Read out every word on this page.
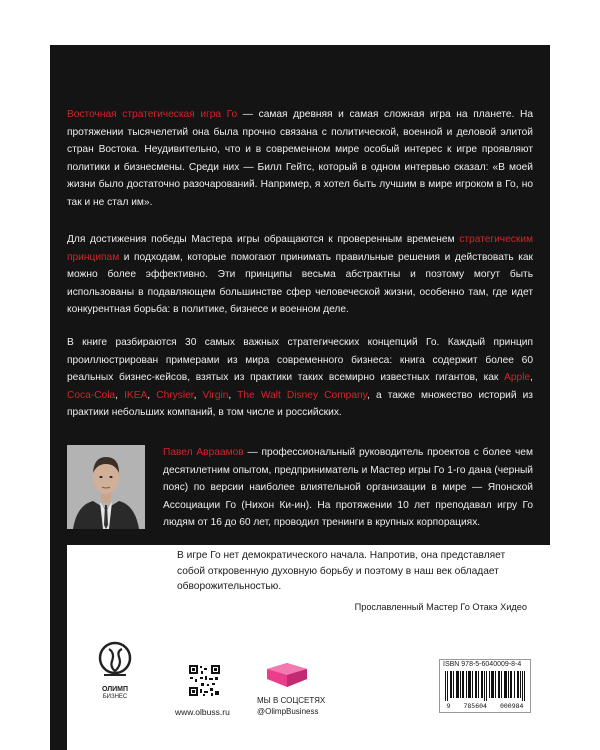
Восточная стратегическая игра Го — самая древняя и самая сложная игра на планете. На протяжении тысячелетий она была прочно связана с политической, военной и деловой элитой стран Востока. Неудивительно, что и в современном мире особый интерес к игре проявляют политики и бизнесмены. Среди них — Билл Гейтс, который в одном интервью сказал: «В моей жизни было достаточно разочарований. Например, я хотел быть лучшим в мире игроком в Го, но так и не стал им».

Для достижения победы Мастера игры обращаются к проверенным временем стратегическим принципам и подходам, которые помогают принимать правильные решения и действовать как можно более эффективно. Эти принципы весьма абстрактны и поэтому могут быть использованы в подавляющем большинстве сфер человеческой жизни, особенно там, где идет конкурентная борьба: в политике, бизнесе и военном деле.

В книге разбираются 30 самых важных стратегических концепций Го. Каждый принцип проиллюстрирован примерами из мира современного бизнеса: книга содержит более 60 реальных бизнес-кейсов, взятых из практики таких всемирно известных гигантов, как Apple, Coca-Cola, IKEA, Chrysler, Virgin, The Walt Disney Company, а также множество историй из практики небольших компаний, в том числе и российских.

Павел Авраамов — профессиональный руководитель проектов с более чем десятилетним опытом, предприниматель и Мастер игры Го 1-го дана (черный пояс) по версии наиболее влиятельной организации в мире — Японской Ассоциации Го (Нихон Ки-ин). На протяжении 10 лет преподавал игру Го людям от 16 до 60 лет, проводил тренинги в крупных корпорациях.

В игре Го нет демократического начала. Напротив, она представляет собой откровенную духовную борьбу и поэтому в наш век обладает обворожительностью.

Прославленный Мастер Го Отакэ Хидео

ОЛИМП
БИЗНЕС

www.olbuss.ru

МЫ В СОЦСЕТЯХ
@OlimpBusiness

ISBN 978-5-6040009-8-4

9 785604 000984
